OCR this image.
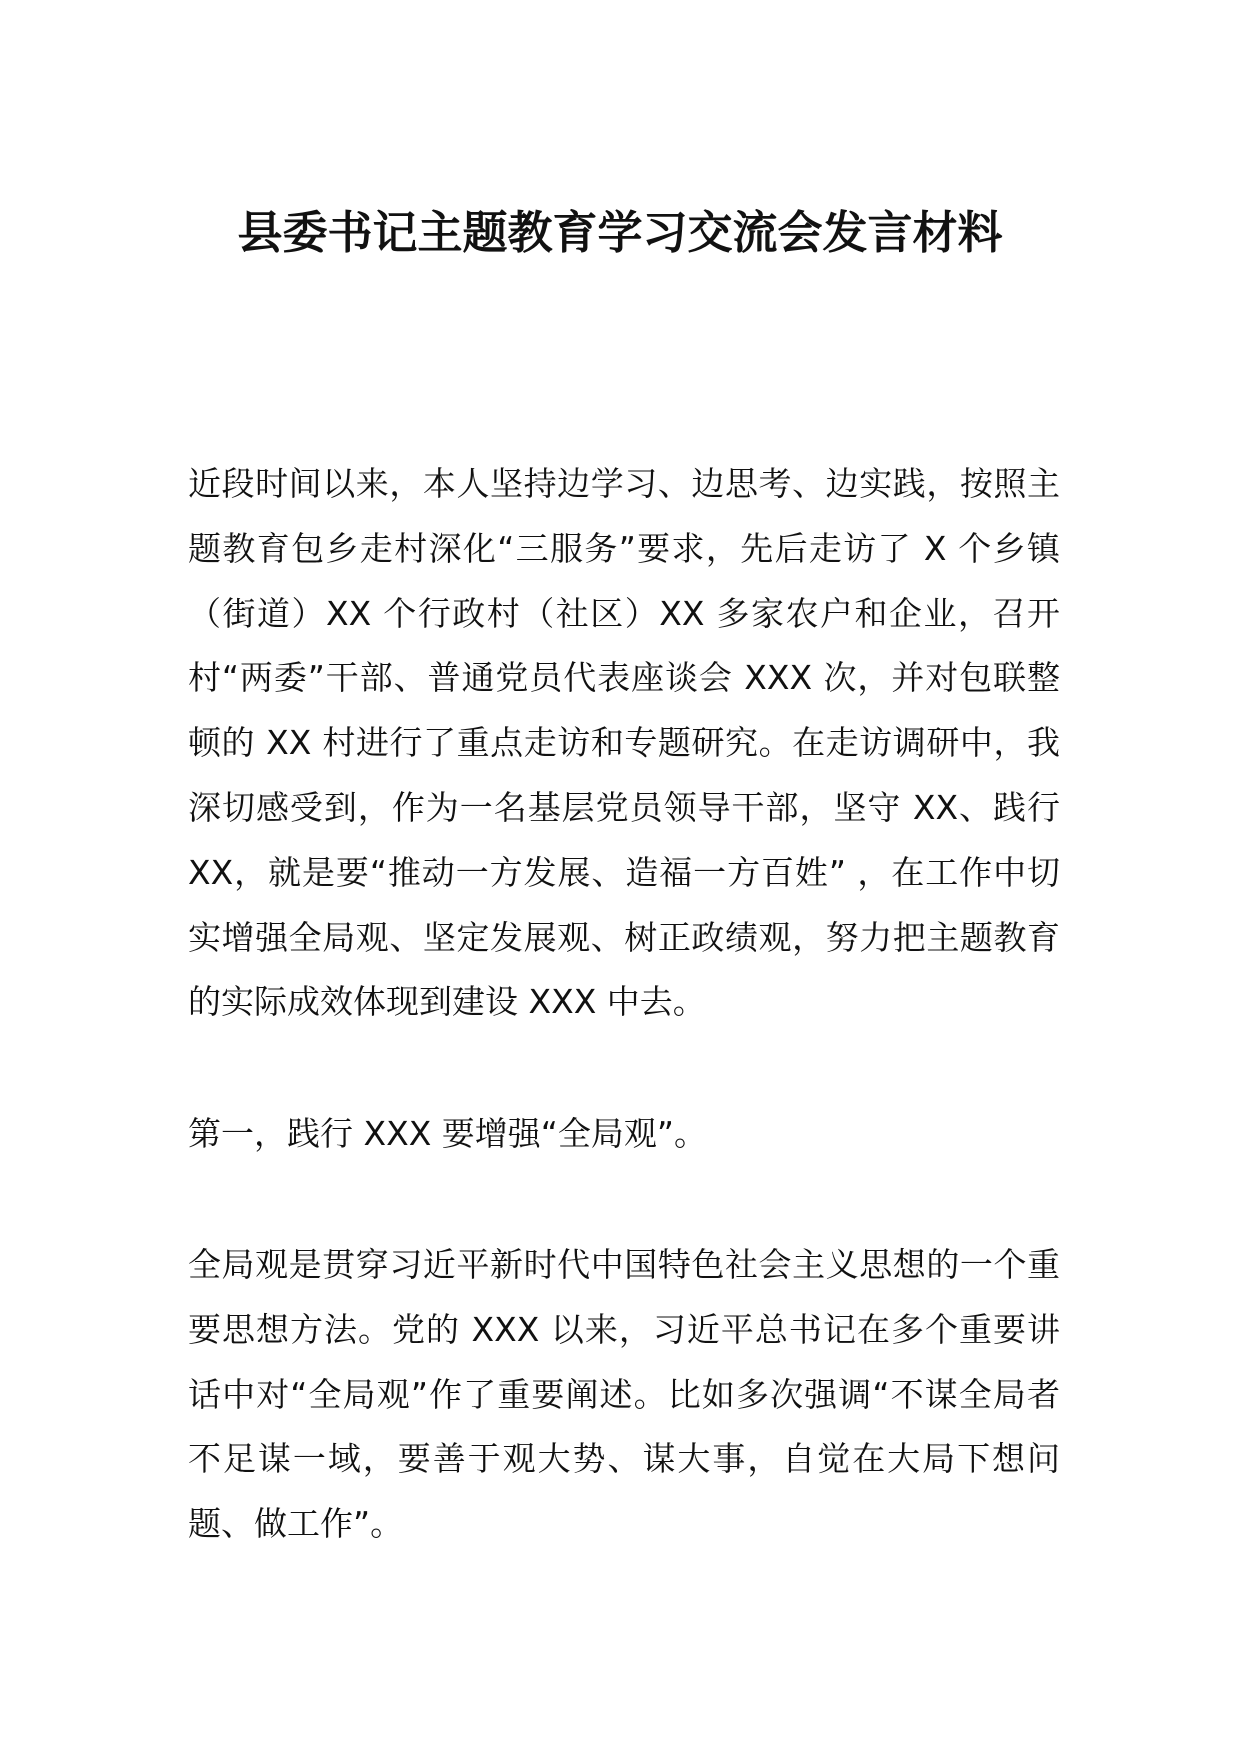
县委书记主题教育学习交流会发言材料

近段时间以来，本人坚持边学习、边思考、边实践，按照主题教育包乡走村深化“三服务”要求，先后走访了 X 个乡镇（街道）XX 个行政村（社区）XX 多家农户和企业，召开村“两委”干部、普通党员代表座谈会 XXX 次，并对包联整顿的 XX 村进行了重点走访和专题研究。在走访调研中，我深切感受到，作为一名基层党员领导干部，坚守 XX、践行 XX，就是要“推动一方发展、造福一方百姓” ，在工作中切实增强全局观、坚定发展观、树正政绩观，努力把主题教育的实际成效体现到建设 XXX 中去。

第一，践行 XXX 要增强“全局观”。

全局观是贯穿习近平新时代中国特色社会主义思想的一个重要思想方法。党的 XXX 以来，习近平总书记在多个重要讲话中对“全局观”作了重要阐述。比如多次强调“不谋全局者不足谋一域，要善于观大势、谋大事，自觉在大局下想问题、做工作”。
